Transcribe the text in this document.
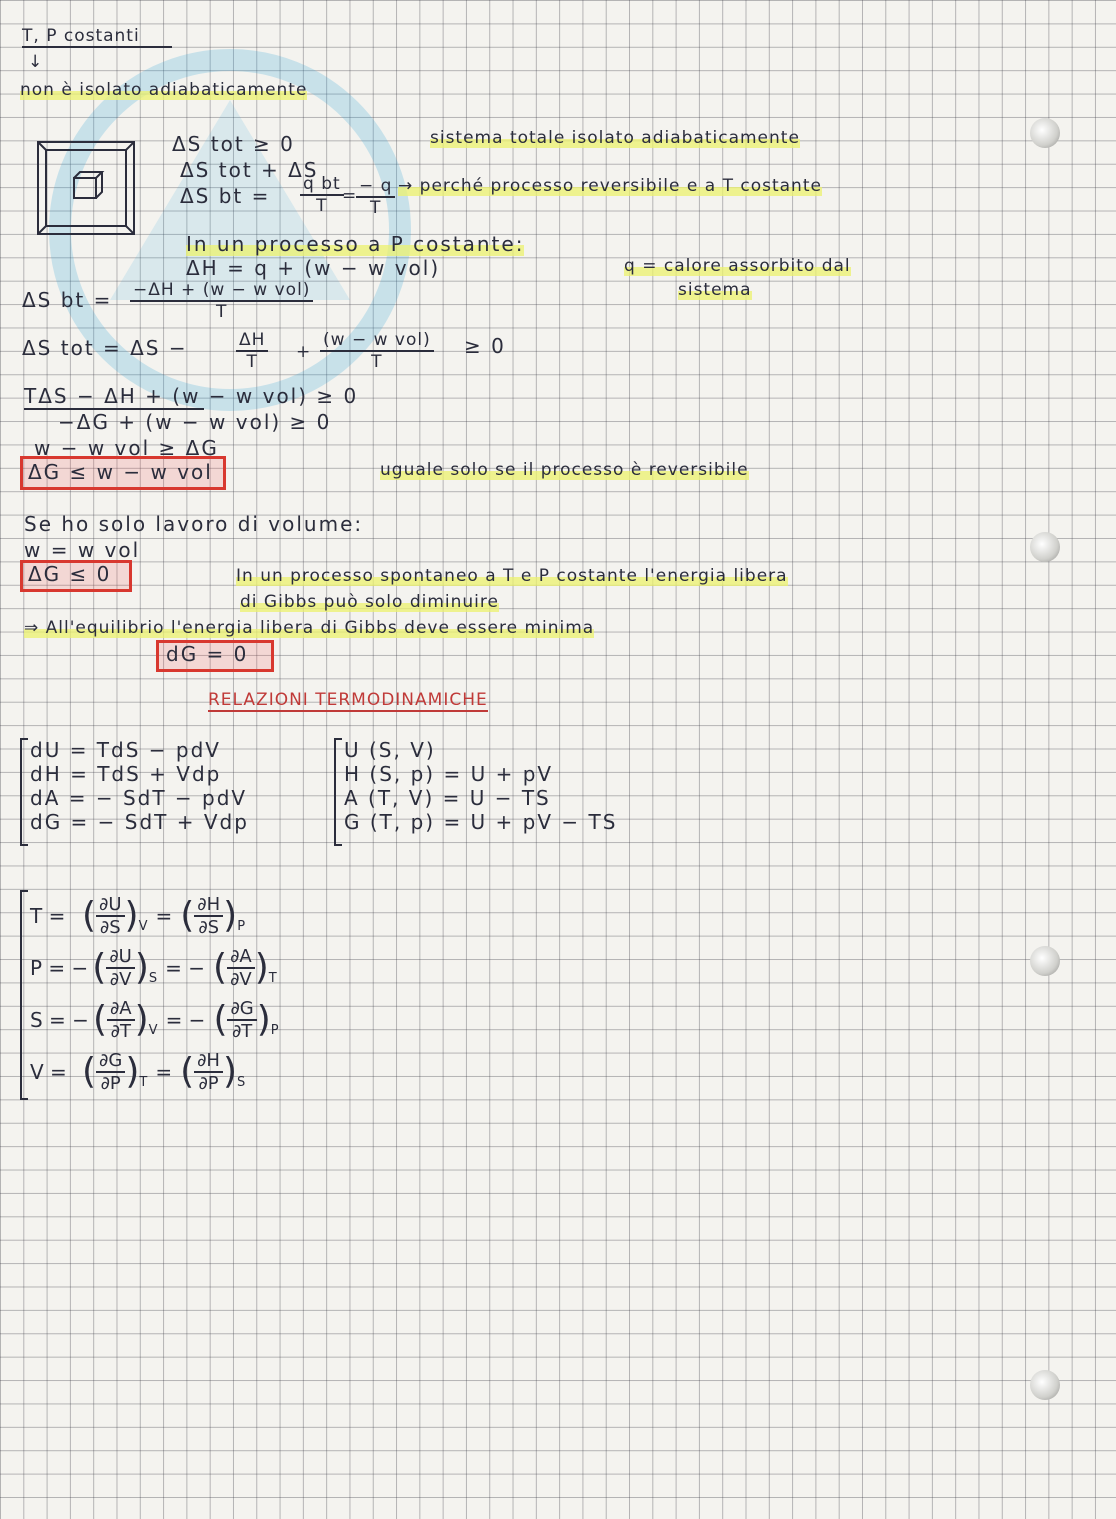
T, P costanti
↓
non è isolato adiabaticamente
ΔS tot ≥ 0
ΔS tot + ΔS
ΔS bt = $\frac{\text{q bt}}{T}$
=
$\frac{- q}{T}$
sistema totale isolato adiabaticamente
→ perché processo reversibile e a T costante
In un processo a P costante:
ΔH = q + (w − w vol)	q = calore assorbito dal
sistema
ΔS bt = −ΔH + (w − w vol)
T
ΔS tot = ΔS −	$\frac{\Delta H}{T}$ +
(w − w vol)
T
≥ 0
TΔS − ΔH + (w − w vol) ≥ 0
−ΔG + (w − w vol) ≥ 0
w − w vol ≥ ΔG
ΔG ≤ w − w vol	uguale solo se il processo è reversibile
Se ho solo lavoro di volume:
w = w vol
ΔG ≤ 0	In un processo spontaneo a T e P costante l'energia libera
di Gibbs può solo diminuire
⇒ All'equilibrio l'energia libera di Gibbs deve essere minima
dG = 0
RELAZIONI TERMODINAMICHE
dU = TdS − pdV
dH = TdS + Vdp
dA = − SdT − pdV
dG = − SdT + Vdp
U (S, V)
H (S, p) = U + pV
A (T, V) = U − TS
G (T, p) = U + pV − TS
T = ( $\frac{\partial U}{\partial S}$ ) V = ( $\frac{\partial H}{\partial S}$ ) P
P = − ( $\frac{\partial U}{\partial V}$ ) S = − ( $\frac{\partial A}{\partial V}$ ) T
S = − ( $\frac{\partial A}{\partial T}$ ) V = − ( $\frac{\partial G}{\partial T}$ ) P
V = ( $\frac{\partial G}{\partial P}$ ) T = ( $\frac{\partial H}{\partial P}$ ) S
